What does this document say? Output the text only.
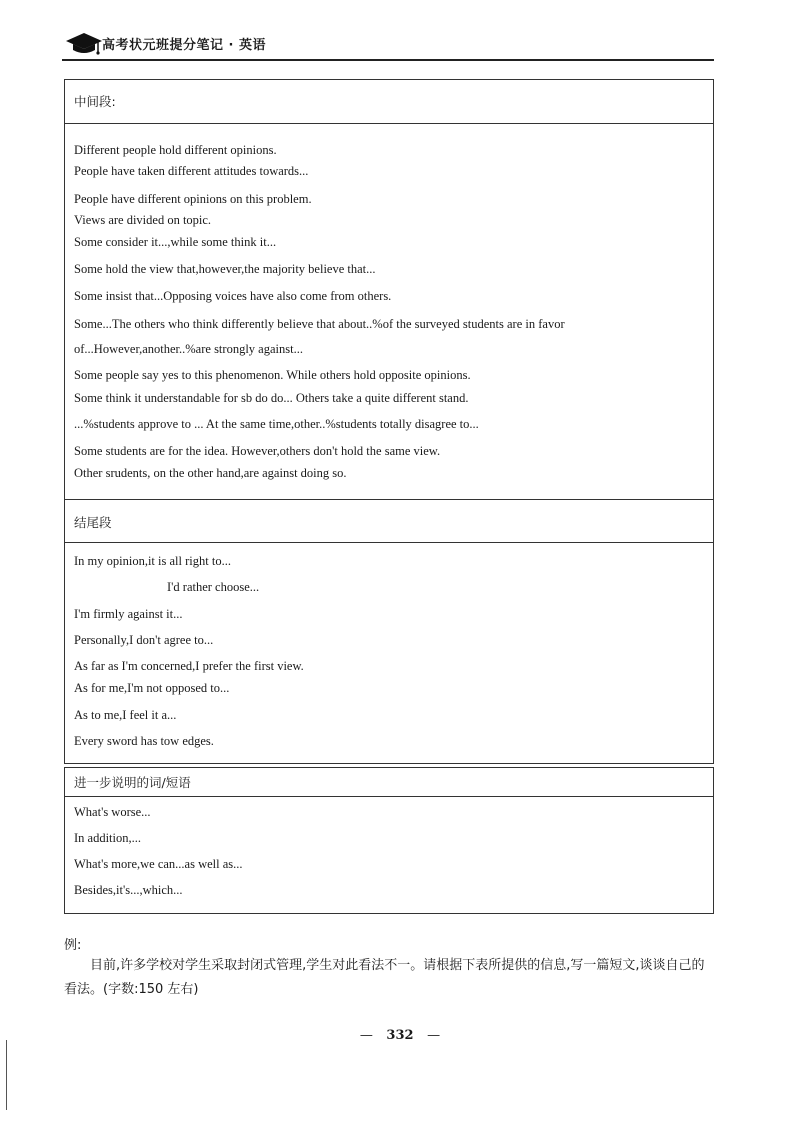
高考状元班提分笔记 · 英语
中间段:
Different people hold different opinions.
People have taken different attitudes towards...
People have different opinions on this problem.
Views are divided on topic.
Some consider it...,while some think it...
Some hold the view that,however,the majority believe that...
Some insist that...Opposing voices have also come from others.
Some...The others who think differently believe that about..%of the surveyed students are in favor
of...However,another..%are strongly against...
Some people say yes to this phenomenon. While others hold opposite opinions.
Some think it understandable for sb do do... Others take a quite different stand.
...%students approve to ... At the same time,other..%students totally disagree to...
Some students are for the idea. However,others don't hold the same view.
Other srudents, on the other hand,are against doing so.
结尾段
In my opinion,it is all right to...
I'd rather choose...
I'm firmly against it...
Personally,I don't agree to...
As far as I'm concerned,I prefer the first view.
As for me,I'm not opposed to...
As to me,I feel it a...
Every sword has tow edges.
进一步说明的词/短语
What's worse...
In addition,...
What's more,we can...as well as...
Besides,it's...,which...
例:
目前,许多学校对学生采取封闭式管理,学生对此看法不一。请根据下表所提供的信息,写一篇短文,谈谈自己的看法。(字数:150 左右)
— 332 —
